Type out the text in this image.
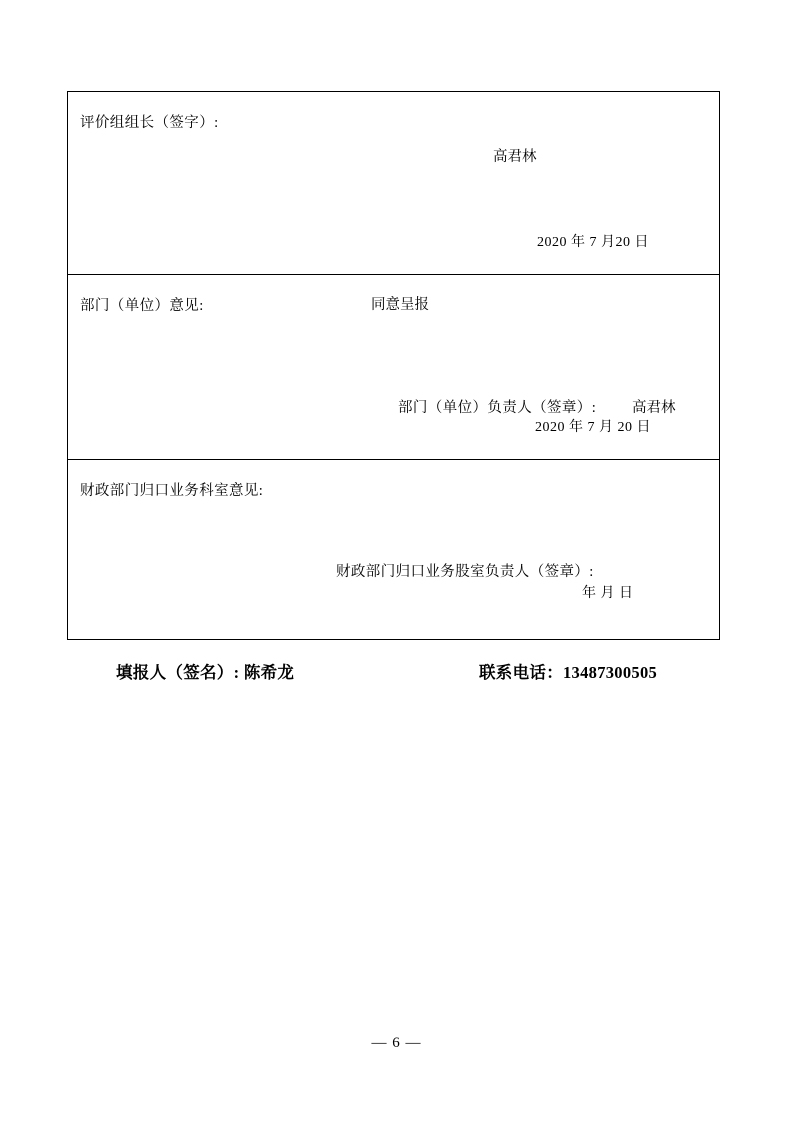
评价组组长（签字）:
高君林
2020 年 7 月20 日
部门（单位）意见:	同意呈报
部门（单位）负责人（签章）: 高君林
2020 年 7 月 20 日
财政部门归口业务科室意见:
财政部门归口业务股室负责人（签章）:
年 月 日
填报人（签名）: 陈希龙	联系电话：13487300505
— 6 —
